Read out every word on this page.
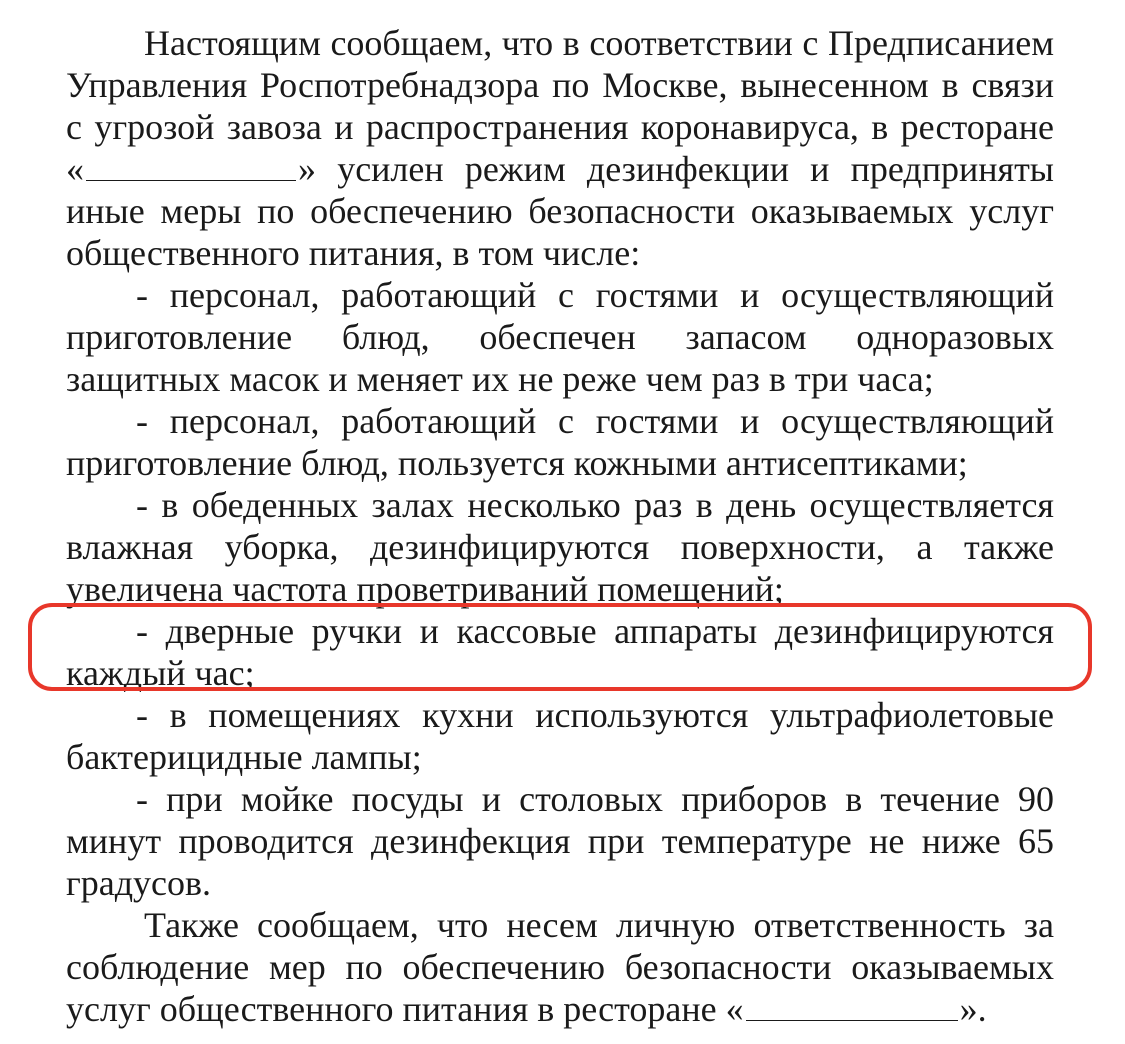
Настоящим сообщаем, что в соответствии с Предписанием Управления Роспотребнадзора по Москве, вынесенном в связи с угрозой завоза и распространения коронавируса, в ресторане «	» усилен режим дезинфекции и предприняты иные меры по обеспечению безопасности оказываемых услуг общественного питания, в том числе:

- персонал, работающий с гостями и осуществляющий приготовление блюд, обеспечен запасом одноразовых защитных масок и меняет их не реже чем раз в три часа;

- персонал, работающий с гостями и осуществляющий приготовление блюд, пользуется кожными антисептиками;

- в обеденных залах несколько раз в день осуществляется влажная уборка, дезинфицируются поверхности, а также увеличена частота проветриваний помещений;

- дверные ручки и кассовые аппараты дезинфицируются каждый час;

- в помещениях кухни используются ультрафиолетовые бактерицидные лампы;

- при мойке посуды и столовых приборов в течение 90 минут проводится дезинфекция при температуре не ниже 65 градусов.

Также сообщаем, что несем личную ответственность за соблюдение мер по обеспечению безопасности оказываемых услуг общественного питания в ресторане «	».
